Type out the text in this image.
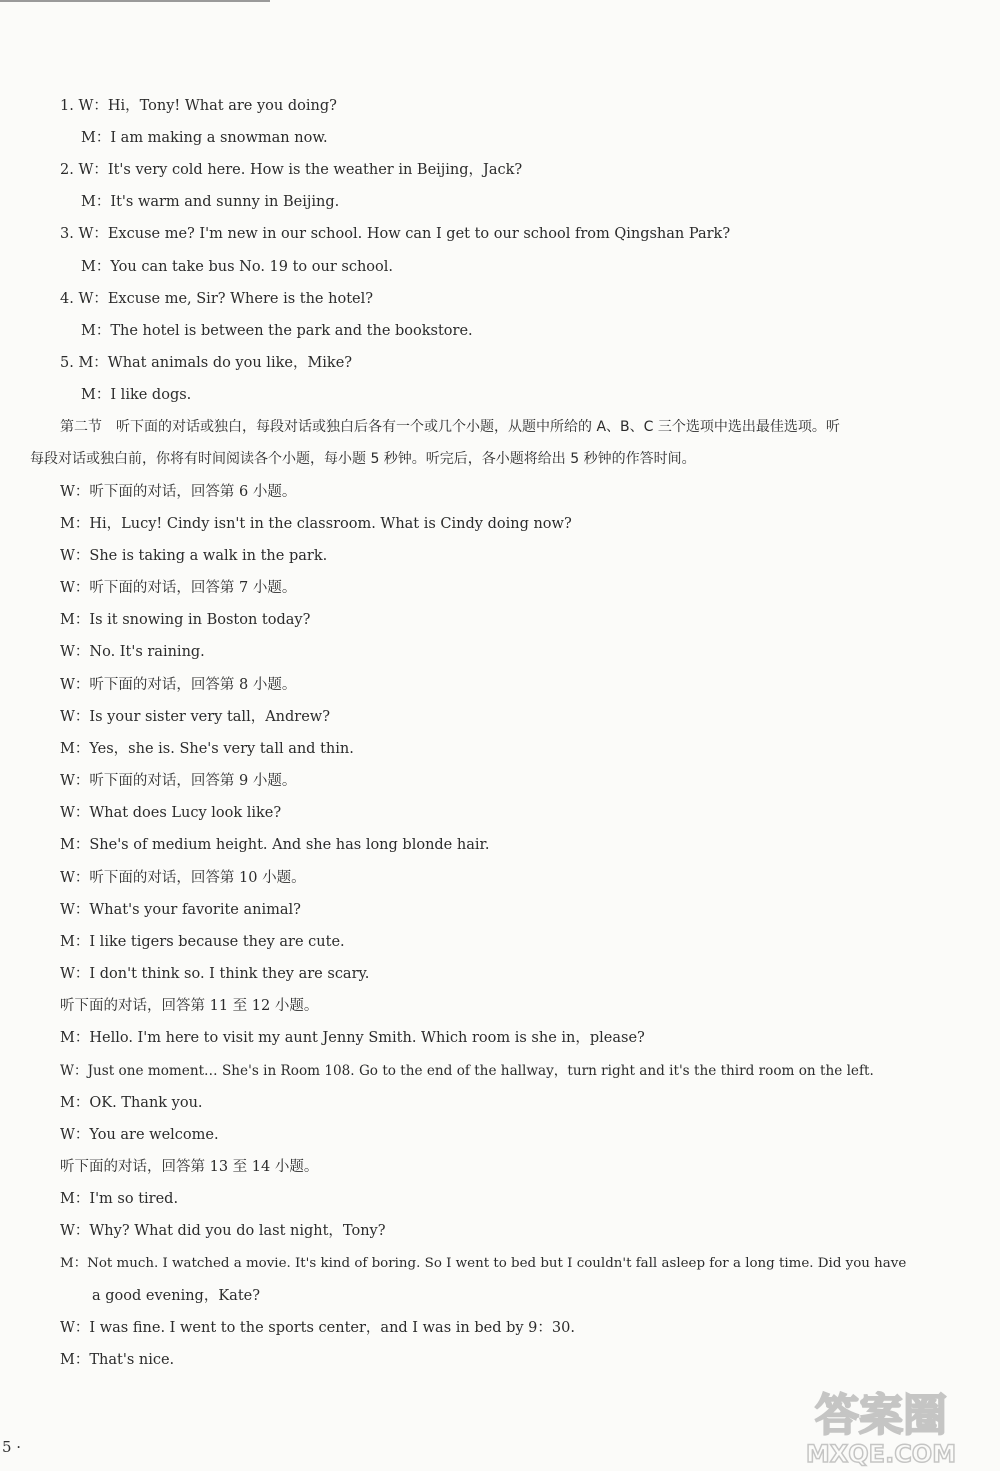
1. W：Hi，Tony! What are you doing?
M：I am making a snowman now.
2. W：It's very cold here. How is the weather in Beijing，Jack?
M：It's warm and sunny in Beijing.
3. W：Excuse me? I'm new in our school. How can I get to our school from Qingshan Park?
M：You can take bus No. 19 to our school.
4. W：Excuse me, Sir? Where is the hotel?
M：The hotel is between the park and the bookstore.
5. M：What animals do you like，Mike?
M：I like dogs.
第二节　听下面的对话或独白，每段对话或独白后各有一个或几个小题，从题中所给的 A、B、C 三个选项中选出最佳选项。听
每段对话或独白前，你将有时间阅读各个小题，每小题 5 秒钟。听完后，各小题将给出 5 秒钟的作答时间。
W：听下面的对话，回答第 6 小题。
M：Hi，Lucy! Cindy isn't in the classroom. What is Cindy doing now?
W：She is taking a walk in the park.
W：听下面的对话，回答第 7 小题。
M：Is it snowing in Boston today?
W：No. It's raining.
W：听下面的对话，回答第 8 小题。
W：Is your sister very tall，Andrew?
M：Yes，she is. She's very tall and thin.
W：听下面的对话，回答第 9 小题。
W：What does Lucy look like?
M：She's of medium height. And she has long blonde hair.
W：听下面的对话，回答第 10 小题。
W：What's your favorite animal?
M：I like tigers because they are cute.
W：I don't think so. I think they are scary.
听下面的对话，回答第 11 至 12 小题。
M：Hello. I'm here to visit my aunt Jenny Smith. Which room is she in，please?
W：Just one moment… She's in Room 108. Go to the end of the hallway，turn right and it's the third room on the left.
M：OK. Thank you.
W：You are welcome.
听下面的对话，回答第 13 至 14 小题。
M：I'm so tired.
W：Why? What did you do last night，Tony?
M：Not much. I watched a movie. It's kind of boring. So I went to bed but I couldn't fall asleep for a long time. Did you have
a good evening，Kate?
W：I was fine. I went to the sports center，and I was in bed by 9：30.
M：That's nice.
5 ·
答案圈
MXQE.COM
